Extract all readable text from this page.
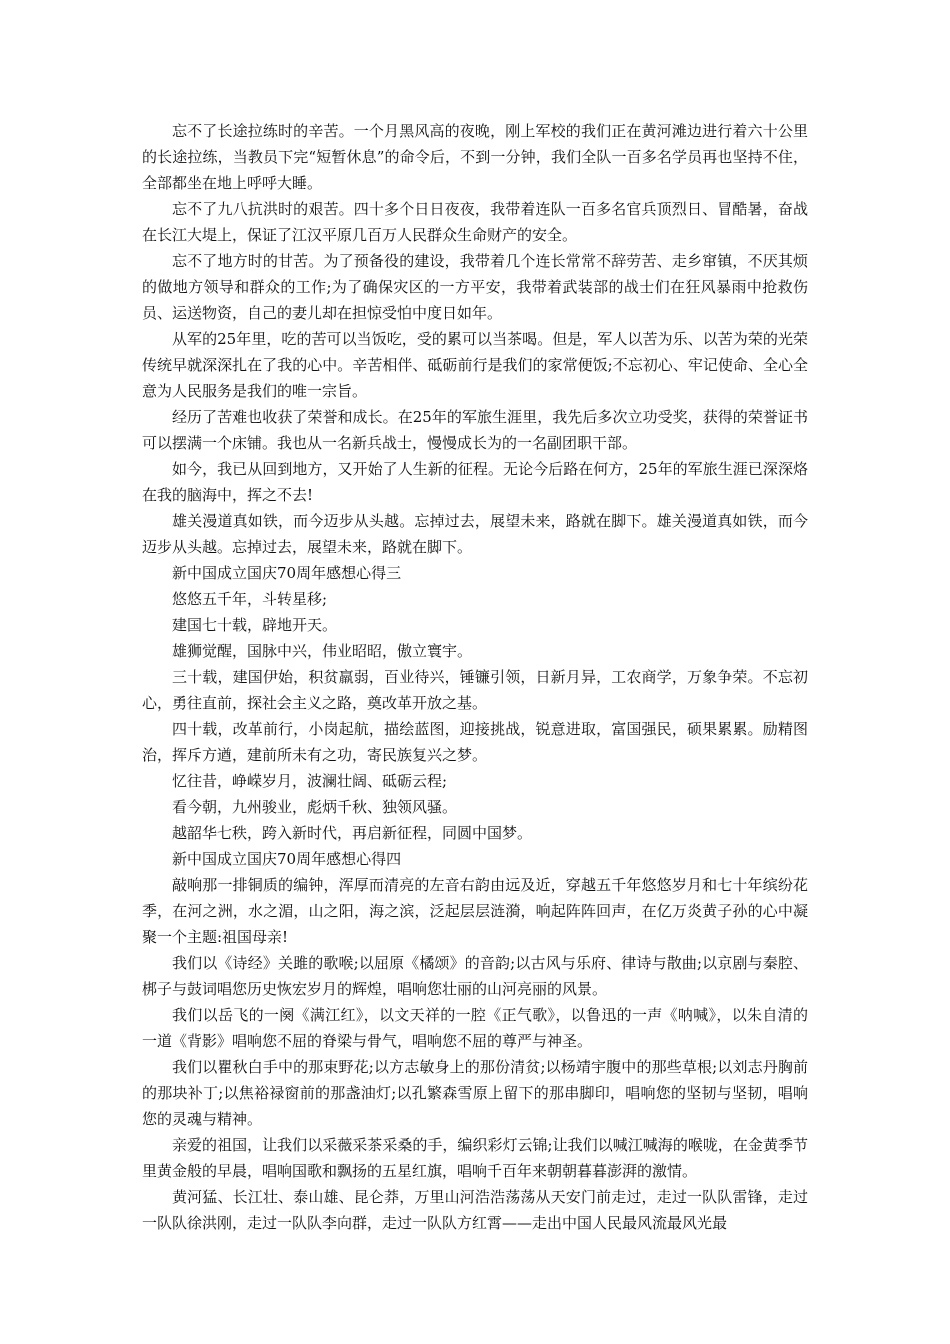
忘不了长途拉练时的辛苦。一个月黑风高的夜晚，刚上军校的我们正在黄河滩边进行着六十公里的长途拉练，当教员下完“短暂休息”的命令后，不到一分钟，我们全队一百多名学员再也坚持不住，全部都坐在地上呼呼大睡。

忘不了九八抗洪时的艰苦。四十多个日日夜夜，我带着连队一百多名官兵顶烈日、冒酷暑，奋战在长江大堤上，保证了江汉平原几百万人民群众生命财产的安全。

忘不了地方时的甘苦。为了预备役的建设，我带着几个连长常常不辞劳苦、走乡窜镇，不厌其烦的做地方领导和群众的工作;为了确保灾区的一方平安，我带着武装部的战士们在狂风暴雨中抢救伤员、运送物资，自己的妻儿却在担惊受怕中度日如年。

从军的25年里，吃的苦可以当饭吃，受的累可以当茶喝。但是，军人以苦为乐、以苦为荣的光荣传统早就深深扎在了我的心中。辛苦相伴、砥砺前行是我们的家常便饭;不忘初心、牢记使命、全心全意为人民服务是我们的唯一宗旨。

经历了苦难也收获了荣誉和成长。在25年的军旅生涯里，我先后多次立功受奖，获得的荣誉证书可以摆满一个床铺。我也从一名新兵战士，慢慢成长为的一名副团职干部。

如今，我已从回到地方，又开始了人生新的征程。无论今后路在何方，25年的军旅生涯已深深烙在我的脑海中，挥之不去!

雄关漫道真如铁，而今迈步从头越。忘掉过去，展望未来，路就在脚下。雄关漫道真如铁，而今迈步从头越。忘掉过去，展望未来，路就在脚下。

新中国成立国庆70周年感想心得三

悠悠五千年，斗转星移;

建国七十载，辟地开天。

雄狮觉醒，国脉中兴，伟业昭昭，傲立寰宇。

三十载，建国伊始，积贫羸弱，百业待兴，锤镰引领，日新月异，工农商学，万象争荣。不忘初心，勇往直前，探社会主义之路，奠改革开放之基。

四十载，改革前行，小岗起航，描绘蓝图，迎接挑战，锐意进取，富国强民，硕果累累。励精图治，挥斥方遒，建前所未有之功，寄民族复兴之梦。

忆往昔，峥嵘岁月，波澜壮阔、砥砺云程;

看今朝，九州骏业，彪炳千秋、独领风骚。

越韶华七秩，跨入新时代，再启新征程，同圆中国梦。

新中国成立国庆70周年感想心得四

敲响那一排铜质的编钟，浑厚而清亮的左音右韵由远及近，穿越五千年悠悠岁月和七十年缤纷花季，在河之洲，水之湄，山之阳，海之滨，泛起层层涟漪，响起阵阵回声，在亿万炎黄子孙的心中凝聚一个主题:祖国母亲!

我们以《诗经》关雎的歌喉;以屈原《橘颂》的音韵;以古风与乐府、律诗与散曲;以京剧与秦腔、梆子与鼓词唱您历史恢宏岁月的辉煌，唱响您壮丽的山河亮丽的风景。

我们以岳飞的一阕《满江红》，以文天祥的一腔《正气歌》，以鲁迅的一声《呐喊》，以朱自清的一道《背影》唱响您不屈的脊梁与骨气，唱响您不屈的尊严与神圣。

我们以瞿秋白手中的那束野花;以方志敏身上的那份清贫;以杨靖宇腹中的那些草根;以刘志丹胸前的那块补丁;以焦裕禄窗前的那盏油灯;以孔繁森雪原上留下的那串脚印，唱响您的坚韧与坚韧，唱响您的灵魂与精神。

亲爱的祖国，让我们以采薇采茶采桑的手，编织彩灯云锦;让我们以喊江喊海的喉咙，在金黄季节里黄金般的早晨，唱响国歌和飘扬的五星红旗，唱响千百年来朝朝暮暮澎湃的激情。

黄河猛、长江壮、泰山雄、昆仑莽，万里山河浩浩荡荡从天安门前走过，走过一队队雷锋，走过一队队徐洪刚，走过一队队李向群，走过一队队方红霄——走出中国人民最风流最风光最
